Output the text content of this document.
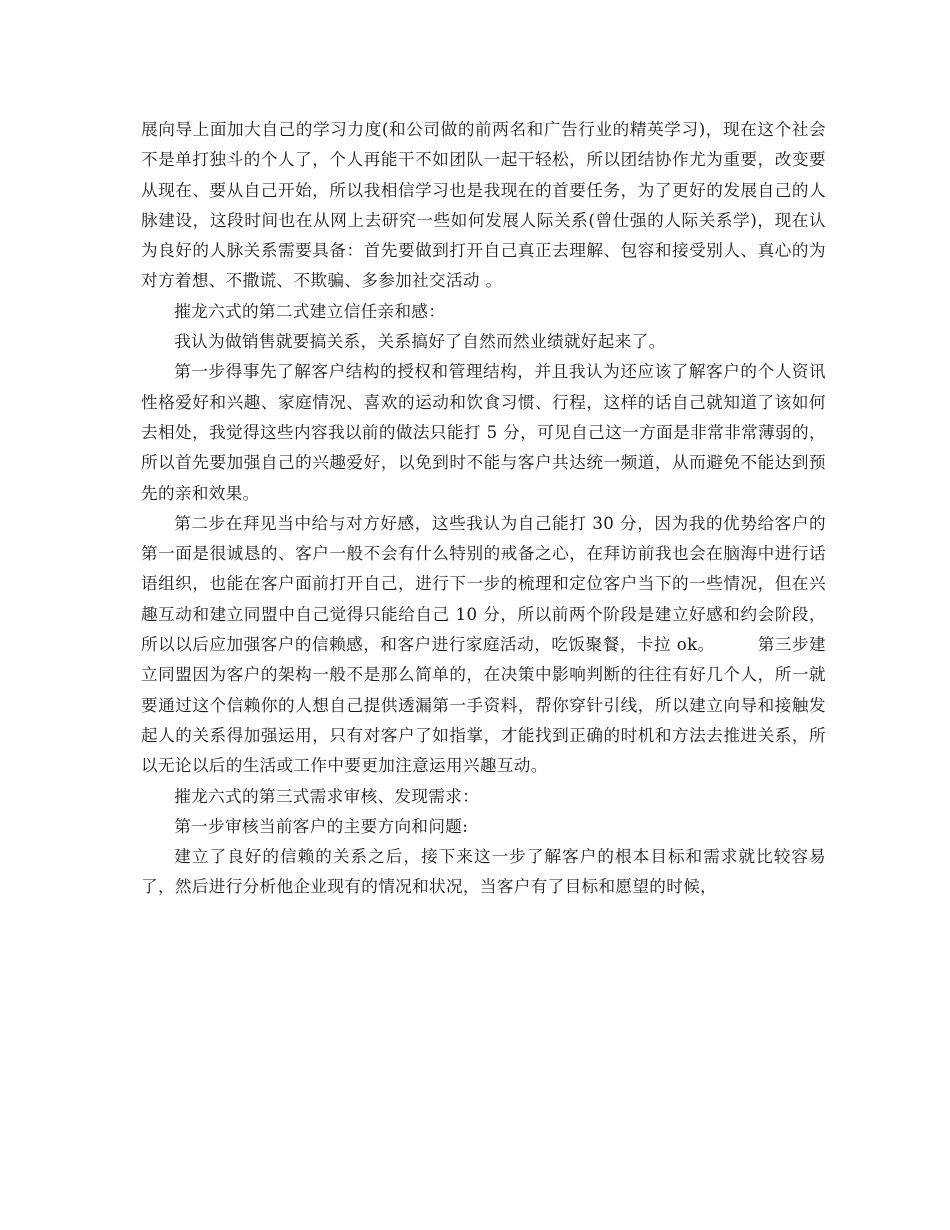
展向导上面加大自己的学习力度(和公司做的前两名和广告行业的精英学习)，现在这个社会不是单打独斗的个人了，个人再能干不如团队一起干轻松，所以团结协作尤为重要，改变要从现在、要从自己开始，所以我相信学习也是我现在的首要任务，为了更好的发展自己的人脉建设，这段时间也在从网上去研究一些如何发展人际关系(曾仕强的人际关系学)，现在认为良好的人脉关系需要具备：首先要做到打开自己真正去理解、包容和接受别人、真心的为对方着想、不撒谎、不欺骗、多参加社交活动 。

摧龙六式的第二式建立信任亲和感：

我认为做销售就要搞关系，关系搞好了自然而然业绩就好起来了。

第一步得事先了解客户结构的授权和管理结构，并且我认为还应该了解客户的个人资讯性格爱好和兴趣、家庭情况、喜欢的运动和饮食习惯、行程，这样的话自己就知道了该如何去相处，我觉得这些内容我以前的做法只能打 5 分，可见自己这一方面是非常非常薄弱的，所以首先要加强自己的兴趣爱好，以免到时不能与客户共达统一频道，从而避免不能达到预先的亲和效果。

第二步在拜见当中给与对方好感，这些我认为自己能打 30 分，因为我的优势给客户的第一面是很诚恳的、客户一般不会有什么特别的戒备之心，在拜访前我也会在脑海中进行话语组织，也能在客户面前打开自己，进行下一步的梳理和定位客户当下的一些情况，但在兴趣互动和建立同盟中自己觉得只能给自己 10 分，所以前两个阶段是建立好感和约会阶段，所以以后应加强客户的信赖感，和客户进行家庭活动，吃饭聚餐，卡拉 ok。　　　第三步建立同盟因为客户的架构一般不是那么简单的，在决策中影响判断的往往有好几个人，所一就要通过这个信赖你的人想自己提供透漏第一手资料，帮你穿针引线，所以建立向导和接触发起人的关系得加强运用，只有对客户了如指掌，才能找到正确的时机和方法去推进关系，所以无论以后的生活或工作中要更加注意运用兴趣互动。

摧龙六式的第三式需求审核、发现需求：

第一步审核当前客户的主要方向和问题:

建立了良好的信赖的关系之后，接下来这一步了解客户的根本目标和需求就比较容易了，然后进行分析他企业现有的情况和状况，当客户有了目标和愿望的时候，
